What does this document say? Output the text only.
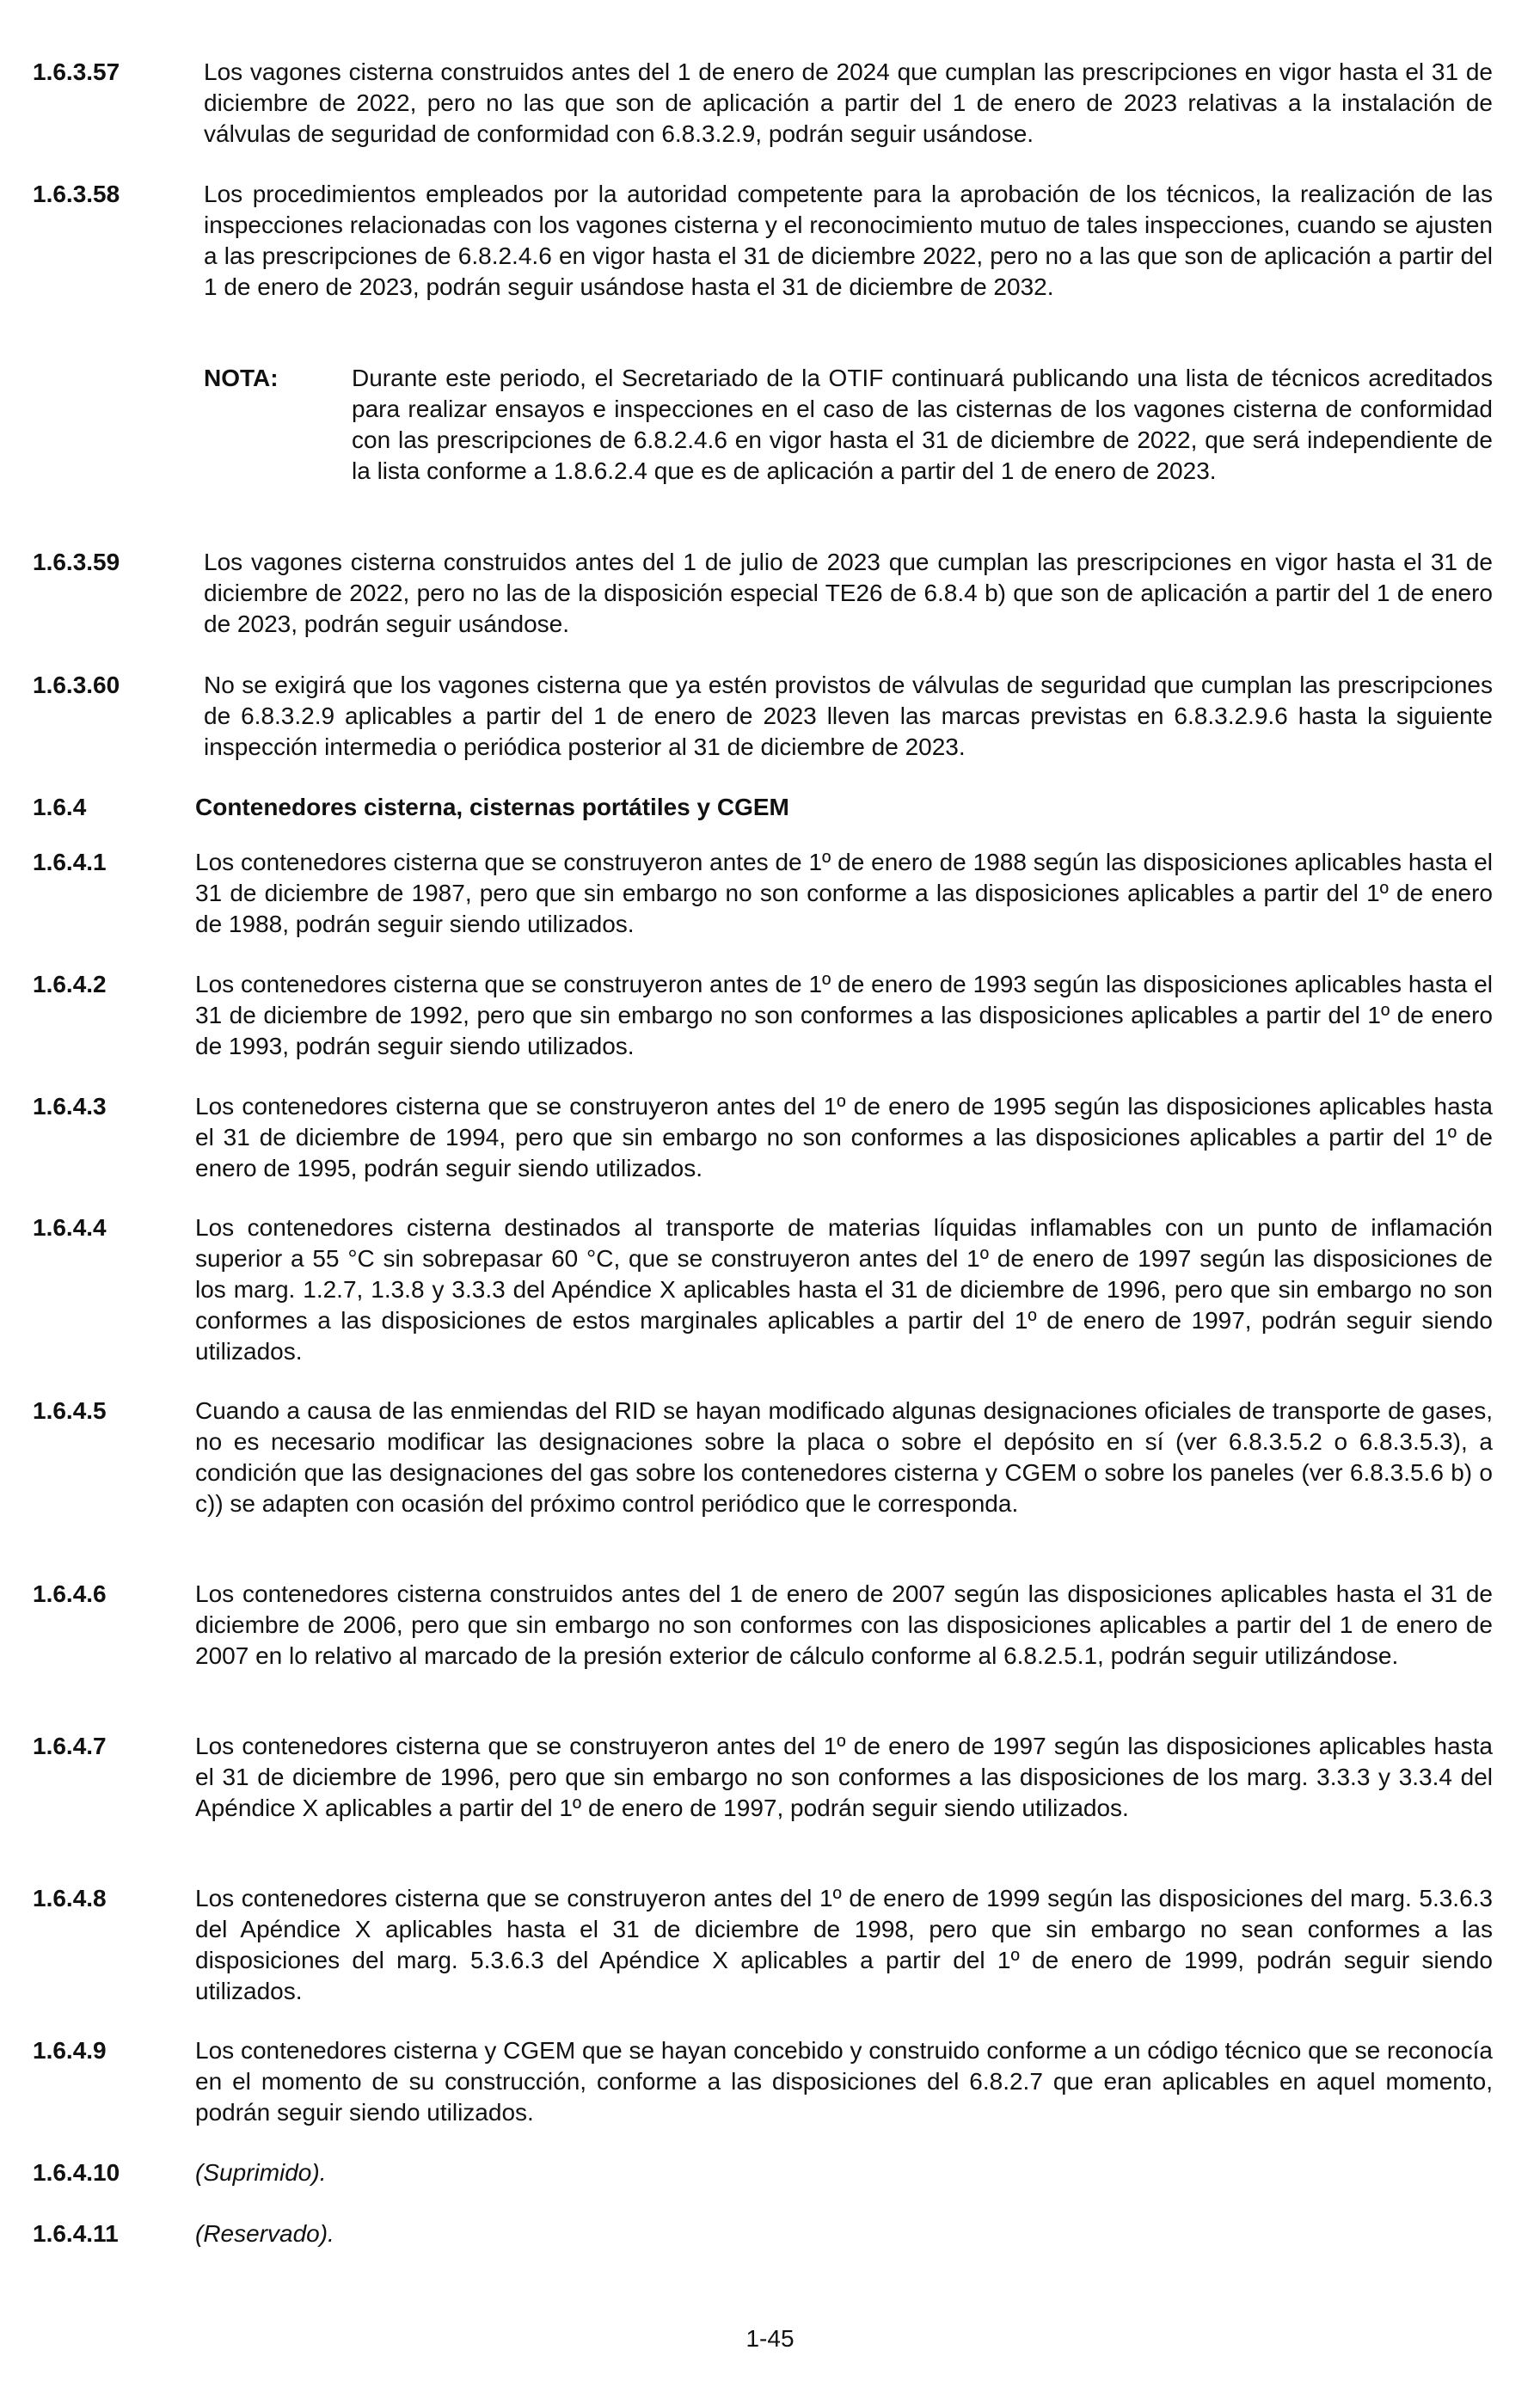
1.6.3.57	Los vagones cisterna construidos antes del 1 de enero de 2024 que cumplan las prescripciones en vigor hasta el 31 de diciembre de 2022, pero no las que son de aplicación a partir del 1 de enero de 2023 relativas a la instalación de válvulas de seguridad de conformidad con 6.8.3.2.9, podrán seguir usándose.
1.6.3.58	Los procedimientos empleados por la autoridad competente para la aprobación de los técnicos, la realización de las inspecciones relacionadas con los vagones cisterna y el reconocimiento mutuo de tales inspecciones, cuando se ajusten a las prescripciones de 6.8.2.4.6 en vigor hasta el 31 de diciembre 2022, pero no a las que son de aplicación a partir del 1 de enero de 2023, podrán seguir usándose hasta el 31 de diciembre de 2032.
NOTA:	Durante este periodo, el Secretariado de la OTIF continuará publicando una lista de técnicos acreditados para realizar ensayos e inspecciones en el caso de las cisternas de los vagones cisterna de conformidad con las prescripciones de 6.8.2.4.6 en vigor hasta el 31 de diciembre de 2022, que será independiente de la lista conforme a 1.8.6.2.4 que es de aplicación a partir del 1 de enero de 2023.
1.6.3.59	Los vagones cisterna construidos antes del 1 de julio de 2023 que cumplan las prescripciones en vigor hasta el 31 de diciembre de 2022, pero no las de la disposición especial TE26 de 6.8.4 b) que son de aplicación a partir del 1 de enero de 2023, podrán seguir usándose.
1.6.3.60	No se exigirá que los vagones cisterna que ya estén provistos de válvulas de seguridad que cumplan las prescripciones de 6.8.3.2.9 aplicables a partir del 1 de enero de 2023 lleven las marcas previstas en 6.8.3.2.9.6 hasta la siguiente inspección intermedia o periódica posterior al 31 de diciembre de 2023.
1.6.4	Contenedores cisterna, cisternas portátiles y CGEM
1.6.4.1	Los contenedores cisterna que se construyeron antes de 1º de enero de 1988 según las disposiciones aplicables hasta el 31 de diciembre de 1987, pero que sin embargo no son conforme a las disposiciones aplicables a partir del 1º de enero de 1988, podrán seguir siendo utilizados.
1.6.4.2	Los contenedores cisterna que se construyeron antes de 1º de enero de 1993 según las disposiciones aplicables hasta el 31 de diciembre de 1992, pero que sin embargo no son conformes a las disposiciones aplicables a partir del 1º de enero de 1993, podrán seguir siendo utilizados.
1.6.4.3	Los contenedores cisterna que se construyeron antes del 1º de enero de 1995 según las disposiciones aplicables hasta el 31 de diciembre de 1994, pero que sin embargo no son conformes a las disposiciones aplicables a partir del 1º de enero de 1995, podrán seguir siendo utilizados.
1.6.4.4	Los contenedores cisterna destinados al transporte de materias líquidas inflamables con un punto de inflamación superior a 55 °C sin sobrepasar 60 °C, que se construyeron antes del 1º de enero de 1997 según las disposiciones de los marg. 1.2.7, 1.3.8 y 3.3.3 del Apéndice X aplicables hasta el 31 de diciembre de 1996, pero que sin embargo no son conformes a las disposiciones de estos marginales aplicables a partir del 1º de enero de 1997, podrán seguir siendo utilizados.
1.6.4.5	Cuando a causa de las enmiendas del RID se hayan modificado algunas designaciones oficiales de transporte de gases, no es necesario modificar las designaciones sobre la placa o sobre el depósito en sí (ver 6.8.3.5.2 o 6.8.3.5.3), a condición que las designaciones del gas sobre los contenedores cisterna y CGEM o sobre los paneles (ver 6.8.3.5.6 b) o c)) se adapten con ocasión del próximo control periódico que le corresponda.
1.6.4.6	Los contenedores cisterna construidos antes del 1 de enero de 2007 según las disposiciones aplicables hasta el 31 de diciembre de 2006, pero que sin embargo no son conformes con las disposiciones aplicables a partir del 1 de enero de 2007 en lo relativo al marcado de la presión exterior de cálculo conforme al 6.8.2.5.1, podrán seguir utilizándose.
1.6.4.7	Los contenedores cisterna que se construyeron antes del 1º de enero de 1997 según las disposiciones aplicables hasta el 31 de diciembre de 1996, pero que sin embargo no son conformes a las disposiciones de los marg. 3.3.3 y 3.3.4 del Apéndice X aplicables a partir del 1º de enero de 1997, podrán seguir siendo utilizados.
1.6.4.8	Los contenedores cisterna que se construyeron antes del 1º de enero de 1999 según las disposiciones del marg. 5.3.6.3 del Apéndice X aplicables hasta el 31 de diciembre de 1998, pero que sin embargo no sean conformes a las disposiciones del marg. 5.3.6.3 del Apéndice X aplicables a partir del 1º de enero de 1999, podrán seguir siendo utilizados.
1.6.4.9	Los contenedores cisterna y CGEM que se hayan concebido y construido conforme a un código técnico que se reconocía en el momento de su construcción, conforme a las disposiciones del 6.8.2.7 que eran aplicables en aquel momento, podrán seguir siendo utilizados.
1.6.4.10	(Suprimido).
1.6.4.11	(Reservado).
1-45
